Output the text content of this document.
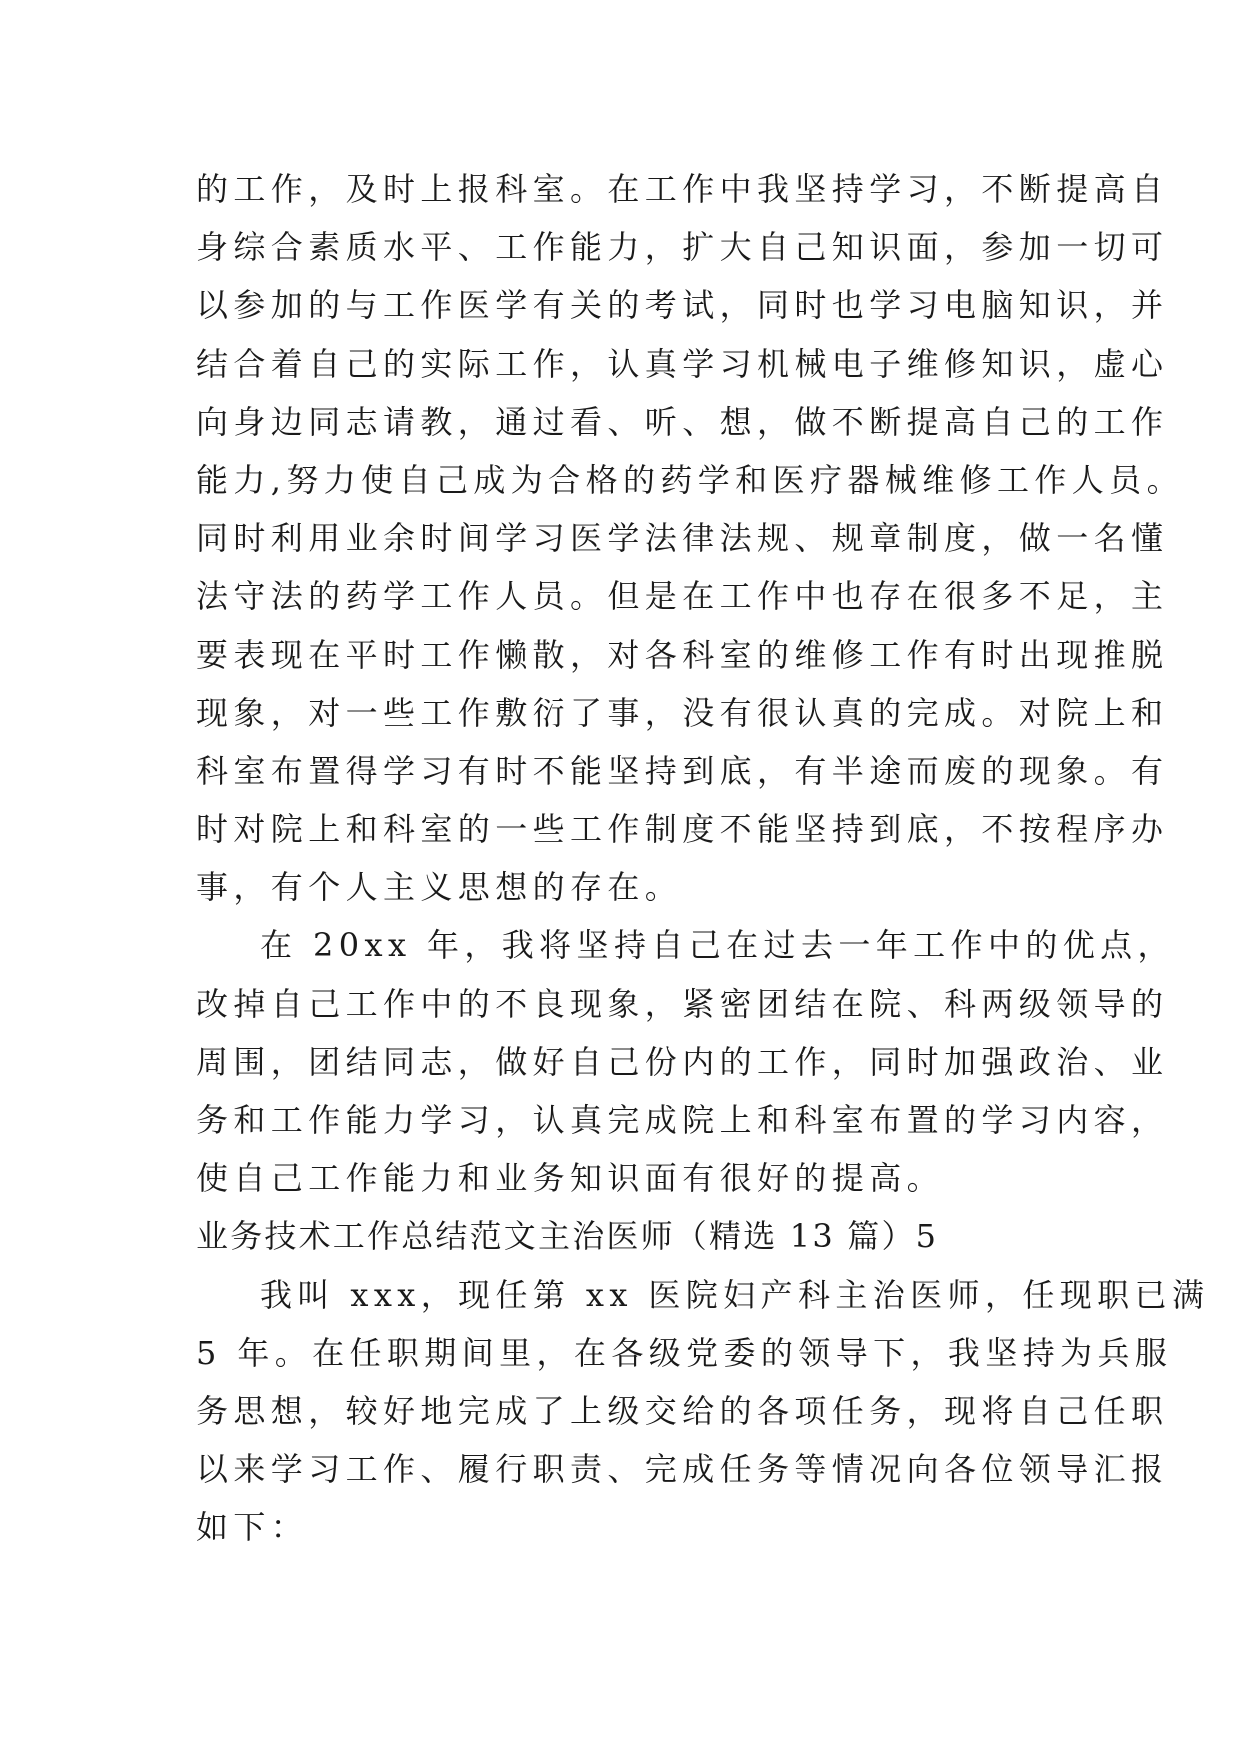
的工作，及时上报科室。在工作中我坚持学习，不断提高自
身综合素质水平、工作能力，扩大自己知识面，参加一切可
以参加的与工作医学有关的考试，同时也学习电脑知识，并
结合着自己的实际工作，认真学习机械电子维修知识，虚心
向身边同志请教，通过看、听、想，做不断提高自己的工作
能力,努力使自己成为合格的药学和医疗器械维修工作人员。
同时利用业余时间学习医学法律法规、规章制度，做一名懂
法守法的药学工作人员。但是在工作中也存在很多不足，主
要表现在平时工作懒散，对各科室的维修工作有时出现推脱
现象，对一些工作敷衍了事，没有很认真的完成。对院上和
科室布置得学习有时不能坚持到底，有半途而废的现象。有
时对院上和科室的一些工作制度不能坚持到底，不按程序办
事，有个人主义思想的存在。
在 20xx 年，我将坚持自己在过去一年工作中的优点，
改掉自己工作中的不良现象，紧密团结在院、科两级领导的
周围，团结同志，做好自己份内的工作，同时加强政治、业
务和工作能力学习，认真完成院上和科室布置的学习内容，
使自己工作能力和业务知识面有很好的提高。
业务技术工作总结范文主治医师（精选 13 篇）5
我叫 xxx，现任第 xx 医院妇产科主治医师，任现职已满
5 年。在任职期间里，在各级党委的领导下，我坚持为兵服
务思想，较好地完成了上级交给的各项任务，现将自己任职
以来学习工作、履行职责、完成任务等情况向各位领导汇报
如下：
